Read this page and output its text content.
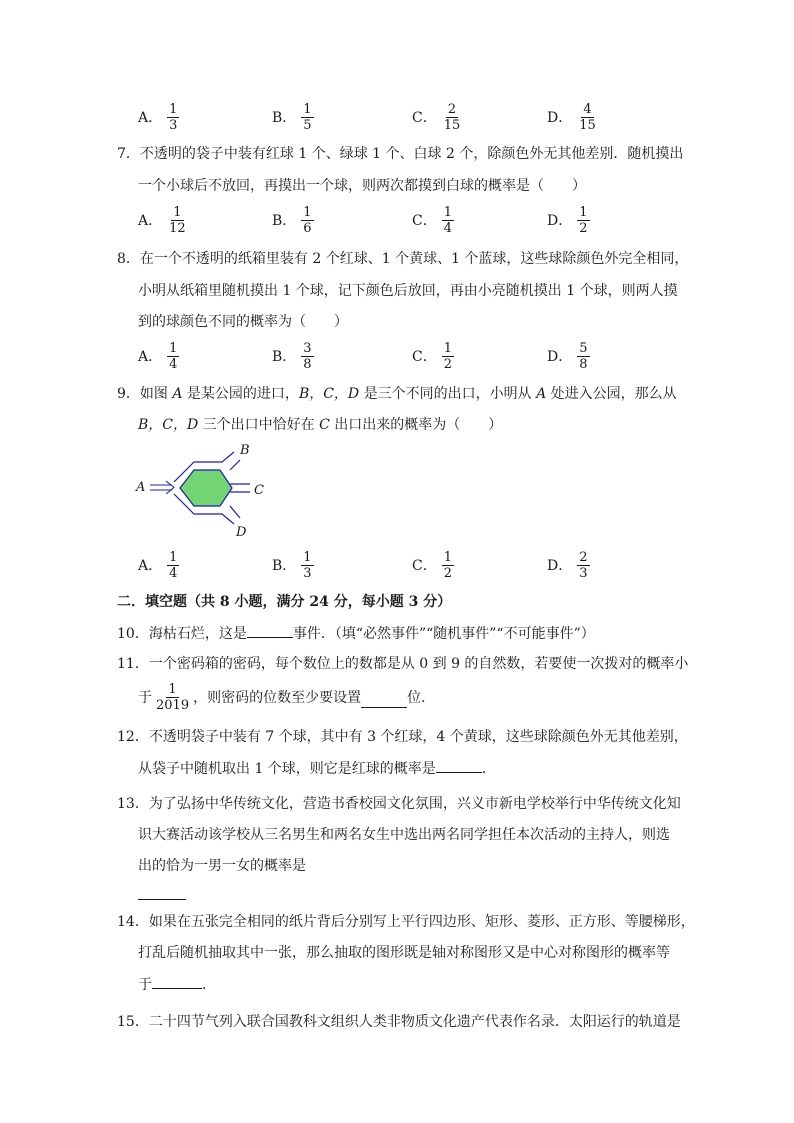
A． $\frac{1}{3}$	B． $\frac{1}{5}$	C． $\frac{2}{15}$	D． $\frac{4}{15}$
7．不透明的袋子中装有红球 1 个、绿球 1 个、白球 2 个，除颜色外无其他差别．随机摸出
一个小球后不放回，再摸出一个球，则两次都摸到白球的概率是（　　）
A． $\frac{1}{12}$	B． $\frac{1}{6}$	C． $\frac{1}{4}$	D． $\frac{1}{2}$
8．在一个不透明的纸箱里装有 2 个红球、1 个黄球、1 个蓝球，这些球除颜色外完全相同，
小明从纸箱里随机摸出 1 个球，记下颜色后放回，再由小亮随机摸出 1 个球，则两人摸
到的球颜色不同的概率为（　　）
A． $\frac{1}{4}$	B． $\frac{3}{8}$	C． $\frac{1}{2}$	D． $\frac{5}{8}$
9．如图 A 是某公园的进口，B，C，D 是三个不同的出口，小明从 A 处进入公园，那么从
B，C，D 三个出口中恰好在 C 出口出来的概率为（　　）
A
B
C
D
A． $\frac{1}{4}$	B． $\frac{1}{3}$	C． $\frac{1}{2}$	D． $\frac{2}{3}$
二．填空题（共 8 小题，满分 24 分，每小题 3 分）
10．海枯石烂，这是	事件．（填“必然事件”“随机事件”“不可能事件”）
11．一个密码箱的密码，每个数位上的数都是从 0 到 9 的自然数，若要使一次拨对的概率小
于 $\frac{1}{2019}$ ，则密码的位数至少要设置	位．
12．不透明袋子中装有 7 个球，其中有 3 个红球，4 个黄球，这些球除颜色外无其他差别，
从袋子中随机取出 1 个球，则它是红球的概率是	．
13．为了弘扬中华传统文化，营造书香校园文化氛围，兴义市新电学校举行中华传统文化知
识大赛活动该学校从三名男生和两名女生中选出两名同学担任本次活动的主持人，则选
出的恰为一男一女的概率是
14．如果在五张完全相同的纸片背后分别写上平行四边形、矩形、菱形、正方形、等腰梯形，
打乱后随机抽取其中一张，那么抽取的图形既是轴对称图形又是中心对称图形的概率等
于	．
15．二十四节气列入联合国教科文组织人类非物质文化遗产代表作名录．太阳运行的轨道是
